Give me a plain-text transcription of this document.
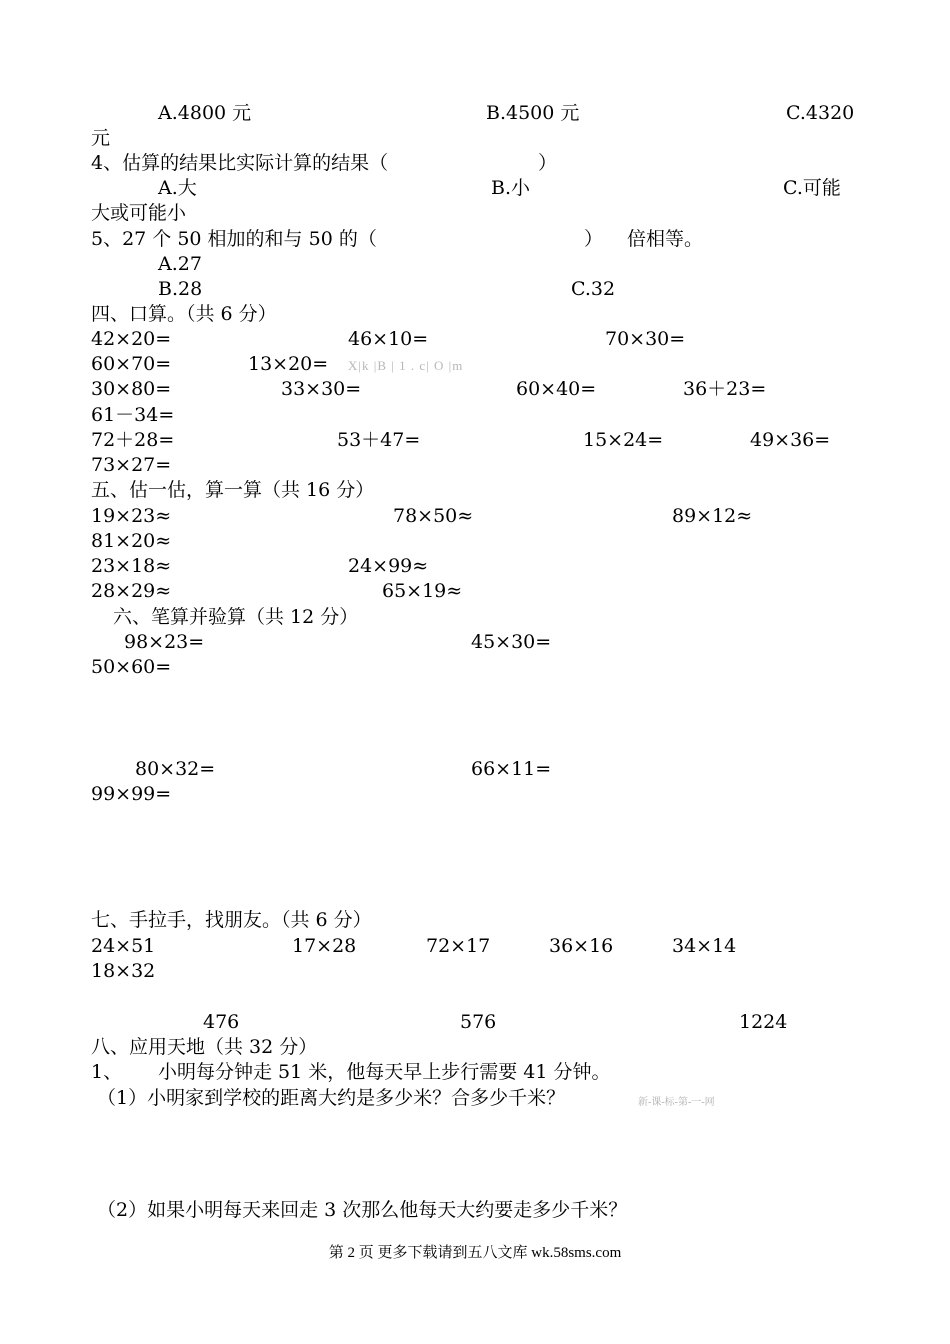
A.4800 元	B.4500 元	C.4320
元
4、估算的结果比实际计算的结果（	）
A.大	B.小	C.可能
大或可能小
5、27 个 50 相加的和与 50 的（	） 倍相等。
A.27
B.28	C.32
四、口算。（共 6 分）
42×20=	46×10=	70×30=
60×70=	13×20= X|k |B | 1 . c| O |m
30×80=	33×30=	60×40=	36＋23=
61－34=
72＋28=	53＋47=	15×24=	49×36=
73×27=
五、估一估，算一算（共 16 分）
19×23≈	78×50≈	89×12≈
81×20≈
23×18≈	24×99≈
28×29≈	65×19≈
六、笔算并验算（共 12 分）
98×23=	45×30=
50×60=
80×32=	66×11=
99×99=
七、手拉手，找朋友。（共 6 分）
24×51	17×28	72×17	36×16	34×14
18×32
476	576	1224
八、应用天地（共 32 分）
1、 小明每分钟走 51 米，他每天早上步行需要 41 分钟。
（1）小明家到学校的距离大约是多少米？合多少千米？	新-课-标-第-一-网
（2）如果小明每天来回走 3 次那么他每天大约要走多少千米？
第 2 页 更多下载请到五八文库 wk.58sms.com
